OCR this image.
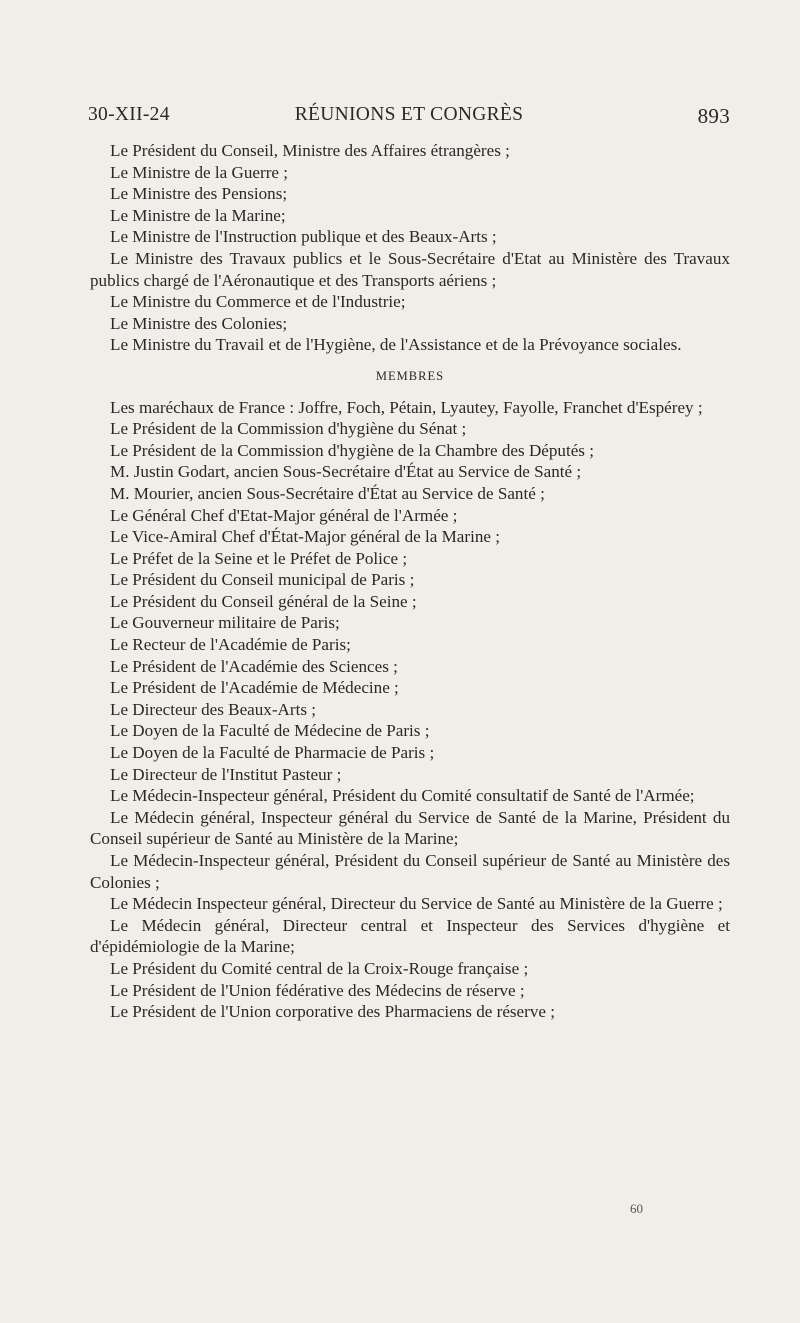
30-XII-24	RÉUNIONS ET CONGRÈS	893

Le Président du Conseil, Ministre des Affaires étrangères ;

Le Ministre de la Guerre ;

Le Ministre des Pensions;

Le Ministre de la Marine;

Le Ministre de l'Instruction publique et des Beaux-Arts ;

Le Ministre des Travaux publics et le Sous-Secrétaire d'Etat au Ministère des Travaux publics chargé de l'Aéronautique et des Transports aériens ;

Le Ministre du Commerce et de l'Industrie;

Le Ministre des Colonies;

Le Ministre du Travail et de l'Hygiène, de l'Assistance et de la Prévoyance sociales.

MEMBRES

Les maréchaux de France : Joffre, Foch, Pétain, Lyautey, Fayolle, Franchet d'Espérey ;

Le Président de la Commission d'hygiène du Sénat ;

Le Président de la Commission d'hygiène de la Chambre des Députés ;

M. Justin Godart, ancien Sous-Secrétaire d'État au Service de Santé ;

M. Mourier, ancien Sous-Secrétaire d'État au Service de Santé ;

Le Général Chef d'Etat-Major général de l'Armée ;

Le Vice-Amiral Chef d'État-Major général de la Marine ;

Le Préfet de la Seine et le Préfet de Police ;

Le Président du Conseil municipal de Paris ;

Le Président du Conseil général de la Seine ;

Le Gouverneur militaire de Paris;

Le Recteur de l'Académie de Paris;

Le Président de l'Académie des Sciences ;

Le Président de l'Académie de Médecine ;

Le Directeur des Beaux-Arts ;

Le Doyen de la Faculté de Médecine de Paris ;

Le Doyen de la Faculté de Pharmacie de Paris ;

Le Directeur de l'Institut Pasteur ;

Le Médecin-Inspecteur général, Président du Comité consultatif de Santé de l'Armée;

Le Médecin général, Inspecteur général du Service de Santé de la Marine, Président du Conseil supérieur de Santé au Ministère de la Marine;

Le Médecin-Inspecteur général, Président du Conseil supérieur de Santé au Ministère des Colonies ;

Le Médecin Inspecteur général, Directeur du Service de Santé au Ministère de la Guerre ;

Le Médecin général, Directeur central et Inspecteur des Services d'hygiène et d'épidémiologie de la Marine;

Le Président du Comité central de la Croix-Rouge française ;

Le Président de l'Union fédérative des Médecins de réserve ;

Le Président de l'Union corporative des Pharmaciens de réserve ;

60
